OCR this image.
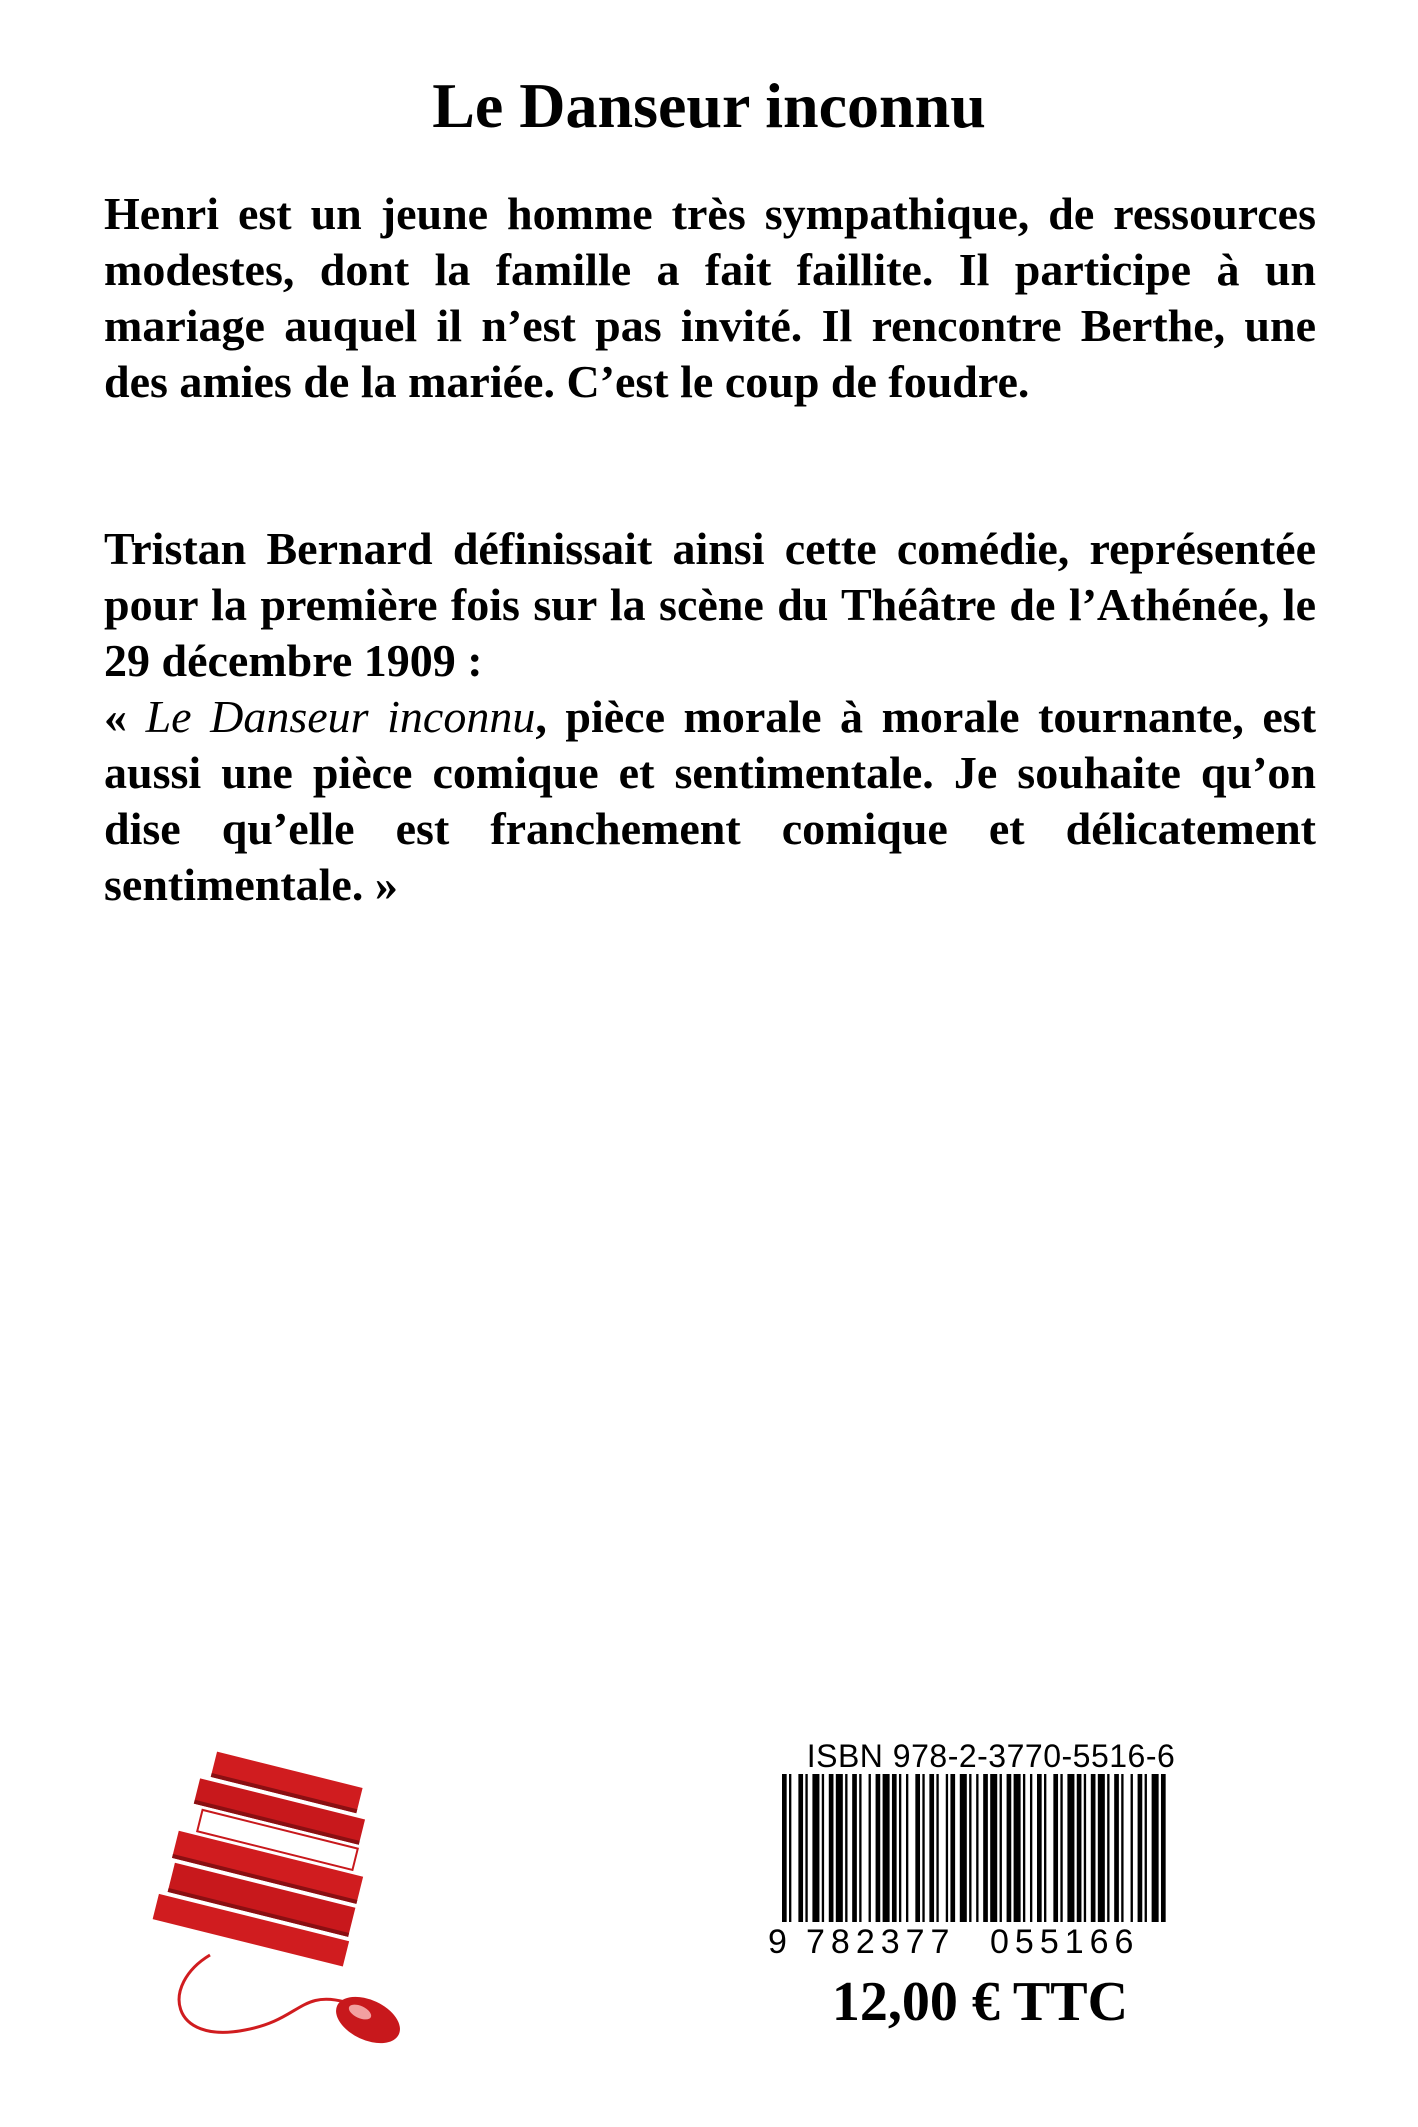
Le Danseur inconnu

Henri est un jeune homme très sympathique, de ressources modestes, dont la famille a fait faillite. Il participe à un mariage auquel il n’est pas invité. Il rencontre Berthe, une des amies de la mariée. C’est le coup de foudre.

Tristan Bernard définissait ainsi cette comédie, représentée pour la première fois sur la scène du Théâtre de l’Athénée, le 29 décembre 1909 :

« Le Danseur inconnu, pièce morale à morale tournante, est aussi une pièce comique et sentimentale. Je souhaite qu’on dise qu’elle est franchement comique et délicatement sentimentale. »

ISBN 978-2-3770-5516-6
9 782377	055166
12,00 € TTC
